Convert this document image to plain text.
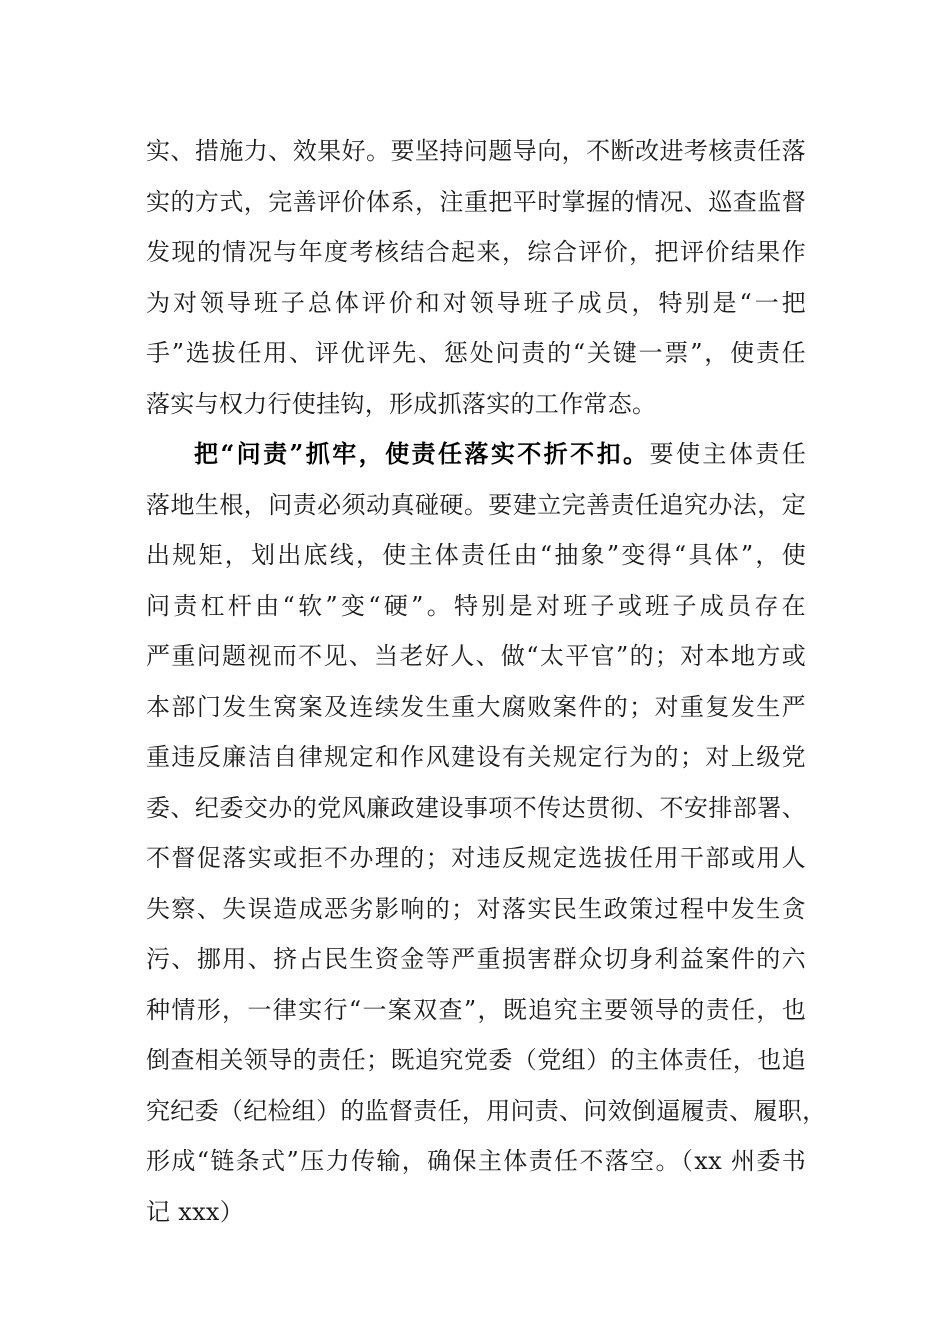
实、措施力、效果好。要坚持问题导向，不断改进考核责任落
实的方式，完善评价体系，注重把平时掌握的情况、巡查监督
发现的情况与年度考核结合起来，综合评价，把评价结果作
为对领导班子总体评价和对领导班子成员，特别是“一把
手”选拔任用、评优评先、惩处问责的“关键一票”，使责任
落实与权力行使挂钩，形成抓落实的工作常态。
把“问责”抓牢，使责任落实不折不扣。要使主体责任
落地生根，问责必须动真碰硬。要建立完善责任追究办法，定
出规矩，划出底线，使主体责任由“抽象”变得“具体”，使
问责杠杆由“软”变“硬”。特别是对班子或班子成员存在
严重问题视而不见、当老好人、做“太平官”的；对本地方或
本部门发生窝案及连续发生重大腐败案件的；对重复发生严
重违反廉洁自律规定和作风建设有关规定行为的；对上级党
委、纪委交办的党风廉政建设事项不传达贯彻、不安排部署、
不督促落实或拒不办理的；对违反规定选拔任用干部或用人
失察、失误造成恶劣影响的；对落实民生政策过程中发生贪
污、挪用、挤占民生资金等严重损害群众切身利益案件的六
种情形，一律实行“一案双查”，既追究主要领导的责任，也
倒查相关领导的责任；既追究党委（党组）的主体责任，也追
究纪委（纪检组）的监督责任，用问责、问效倒逼履责、履职，
形成“链条式”压力传输，确保主体责任不落空。（xx 州委书
记 xxx）
